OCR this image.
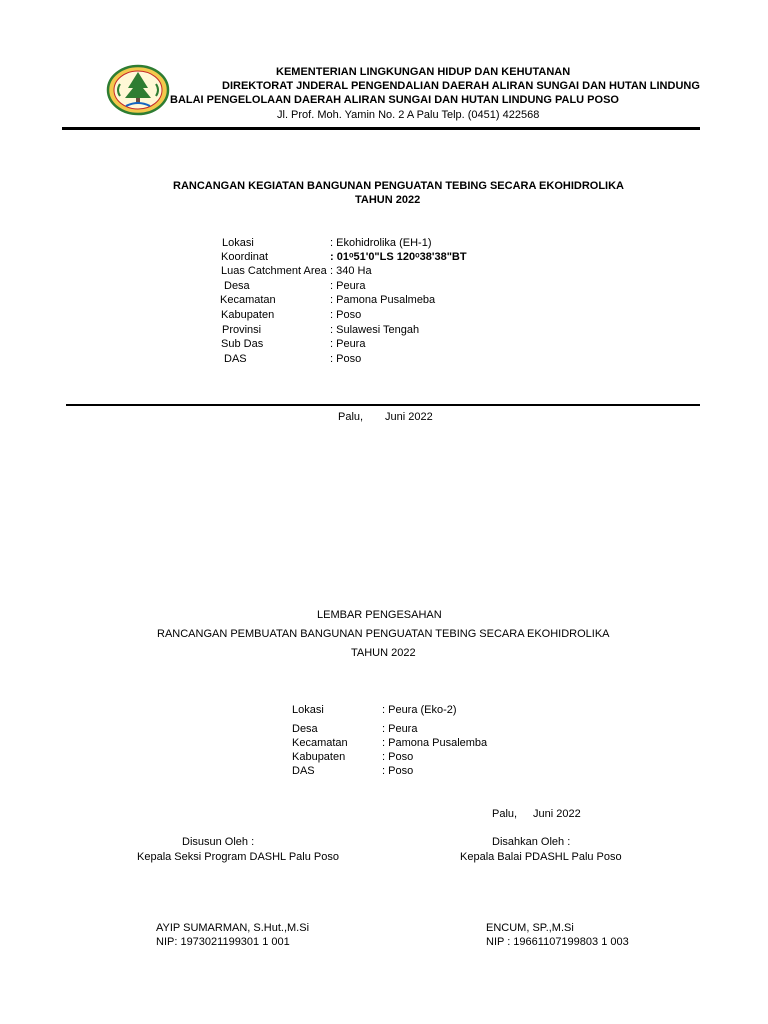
KEMENTERIAN LINGKUNGAN HIDUP DAN KEHUTANAN
DIREKTORAT JNDERAL PENGENDALIAN DAERAH ALIRAN SUNGAI DAN HUTAN LINDUNG
BALAI PENGELOLAAN DAERAH ALIRAN SUNGAI DAN HUTAN LINDUNG PALU POSO
Jl. Prof. Moh. Yamin No. 2 A Palu Telp. (0451) 422568
RANCANGAN KEGIATAN BANGUNAN PENGUATAN TEBING SECARA EKOHIDROLIKA
TAHUN 2022
Lokasi	: Ekohidrolika (EH-1)
Koordinat	: 01ᵒ51'0"LS 120ᵒ38'38"BT
Luas Catchment Area : 340 Ha
Desa	: Peura
Kecamatan	: Pamona Pusalmeba
Kabupaten	: Poso
Provinsi	: Sulawesi Tengah
Sub Das	: Peura
DAS	: Poso
Palu, Juni 2022
LEMBAR PENGESAHAN
RANCANGAN PEMBUATAN BANGUNAN PENGUATAN TEBING SECARA EKOHIDROLIKA
TAHUN 2022
Lokasi	: Peura (Eko-2)
Desa	: Peura
Kecamatan	: Pamona Pusalemba
Kabupaten	: Poso
DAS	: Poso
Palu, Juni 2022
Disusun Oleh :
Kepala Seksi Program DASHL Palu Poso
AYIP SUMARMAN, S.Hut.,M.Si
NIP: 1973021199301 1 001
Disahkan Oleh :
Kepala Balai PDASHL Palu Poso
ENCUM, SP.,M.Si
NIP : 19661107199803 1 003
